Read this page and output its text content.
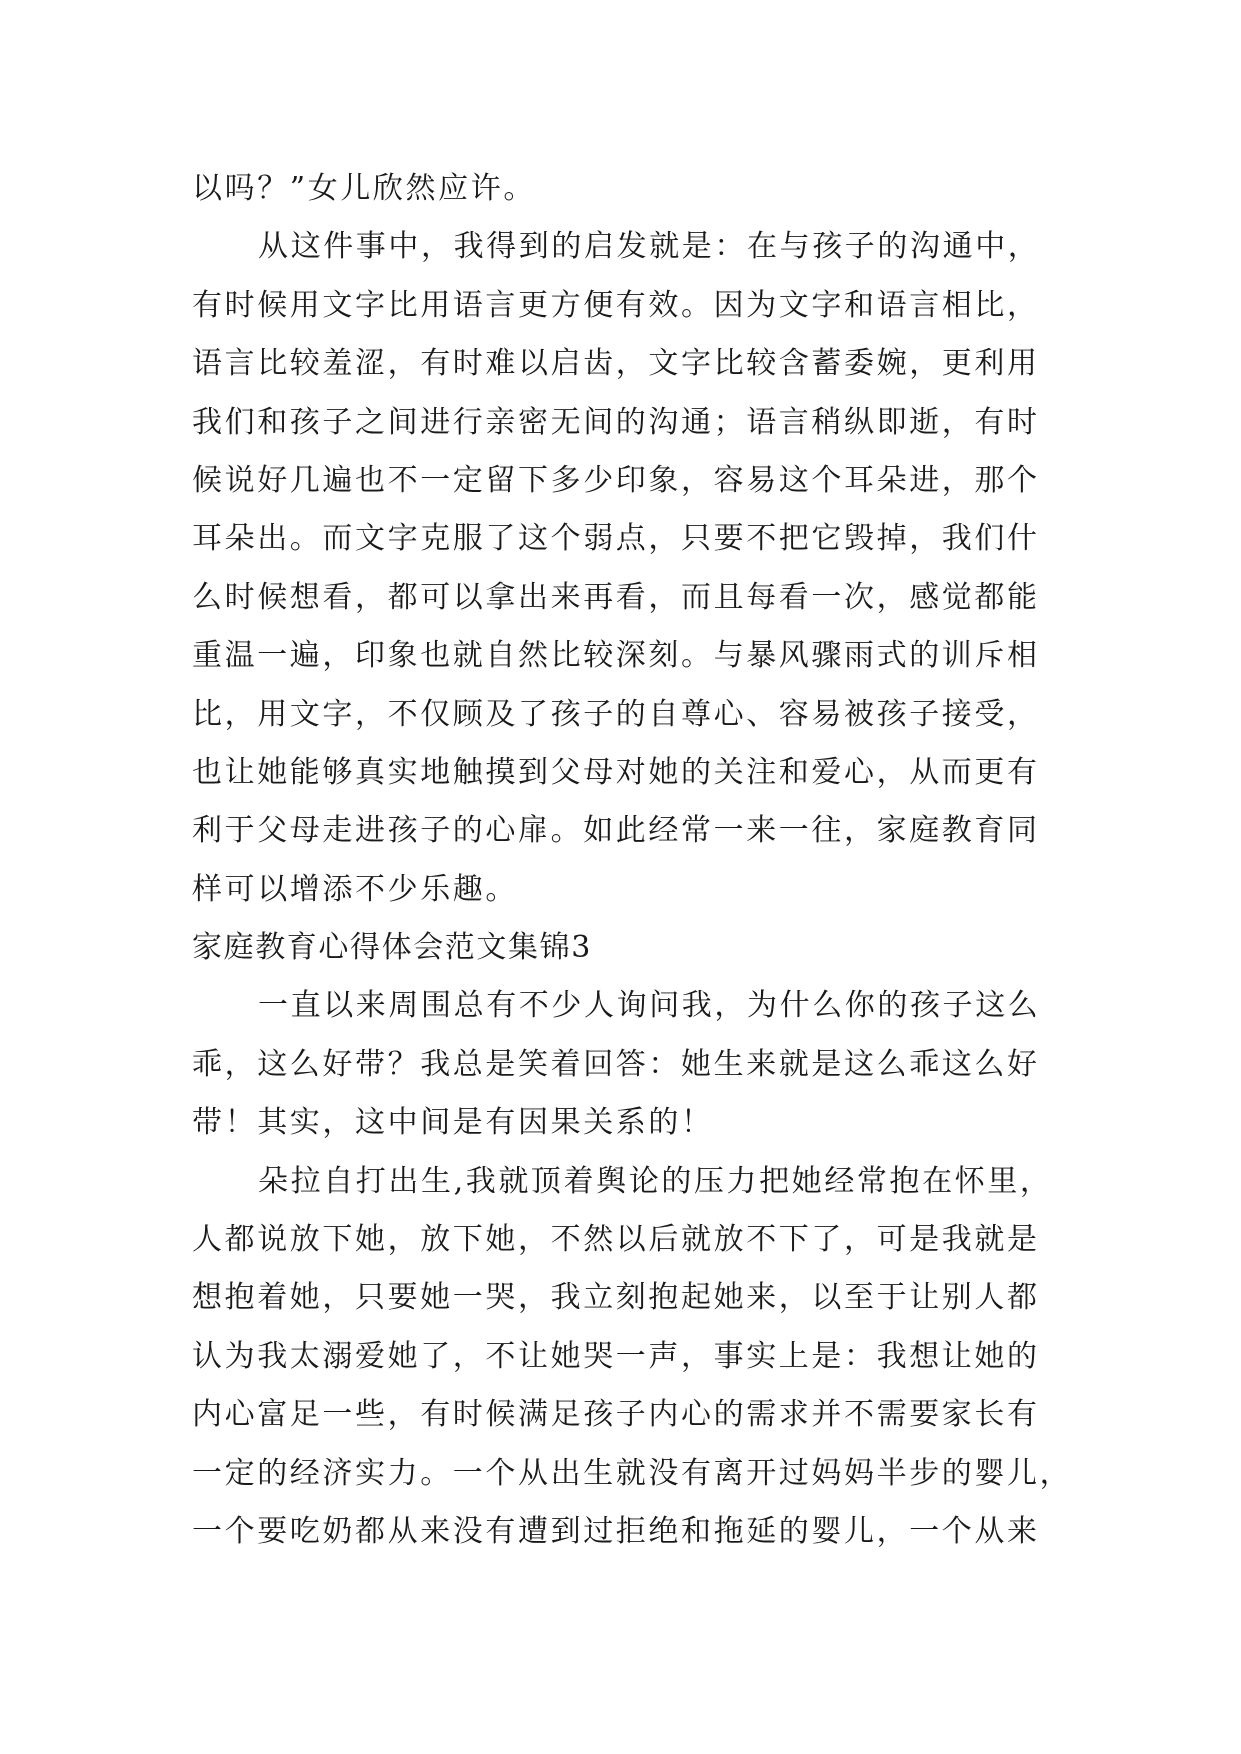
以吗？”女儿欣然应许。
从这件事中，我得到的启发就是：在与孩子的沟通中，
有时候用文字比用语言更方便有效。因为文字和语言相比，
语言比较羞涩，有时难以启齿，文字比较含蓄委婉，更利用
我们和孩子之间进行亲密无间的沟通；语言稍纵即逝，有时
候说好几遍也不一定留下多少印象，容易这个耳朵进，那个
耳朵出。而文字克服了这个弱点，只要不把它毁掉，我们什
么时候想看，都可以拿出来再看，而且每看一次，感觉都能
重温一遍，印象也就自然比较深刻。与暴风骤雨式的训斥相
比，用文字，不仅顾及了孩子的自尊心、容易被孩子接受，
也让她能够真实地触摸到父母对她的关注和爱心，从而更有
利于父母走进孩子的心扉。如此经常一来一往，家庭教育同
样可以增添不少乐趣。
家庭教育心得体会范文集锦3
一直以来周围总有不少人询问我，为什么你的孩子这么
乖，这么好带？我总是笑着回答：她生来就是这么乖这么好
带！其实，这中间是有因果关系的！
朵拉自打出生,我就顶着舆论的压力把她经常抱在怀里，
人都说放下她，放下她，不然以后就放不下了，可是我就是
想抱着她，只要她一哭，我立刻抱起她来，以至于让别人都
认为我太溺爱她了，不让她哭一声，事实上是：我想让她的
内心富足一些，有时候满足孩子内心的需求并不需要家长有
一定的经济实力。一个从出生就没有离开过妈妈半步的婴儿，
一个要吃奶都从来没有遭到过拒绝和拖延的婴儿，一个从来
